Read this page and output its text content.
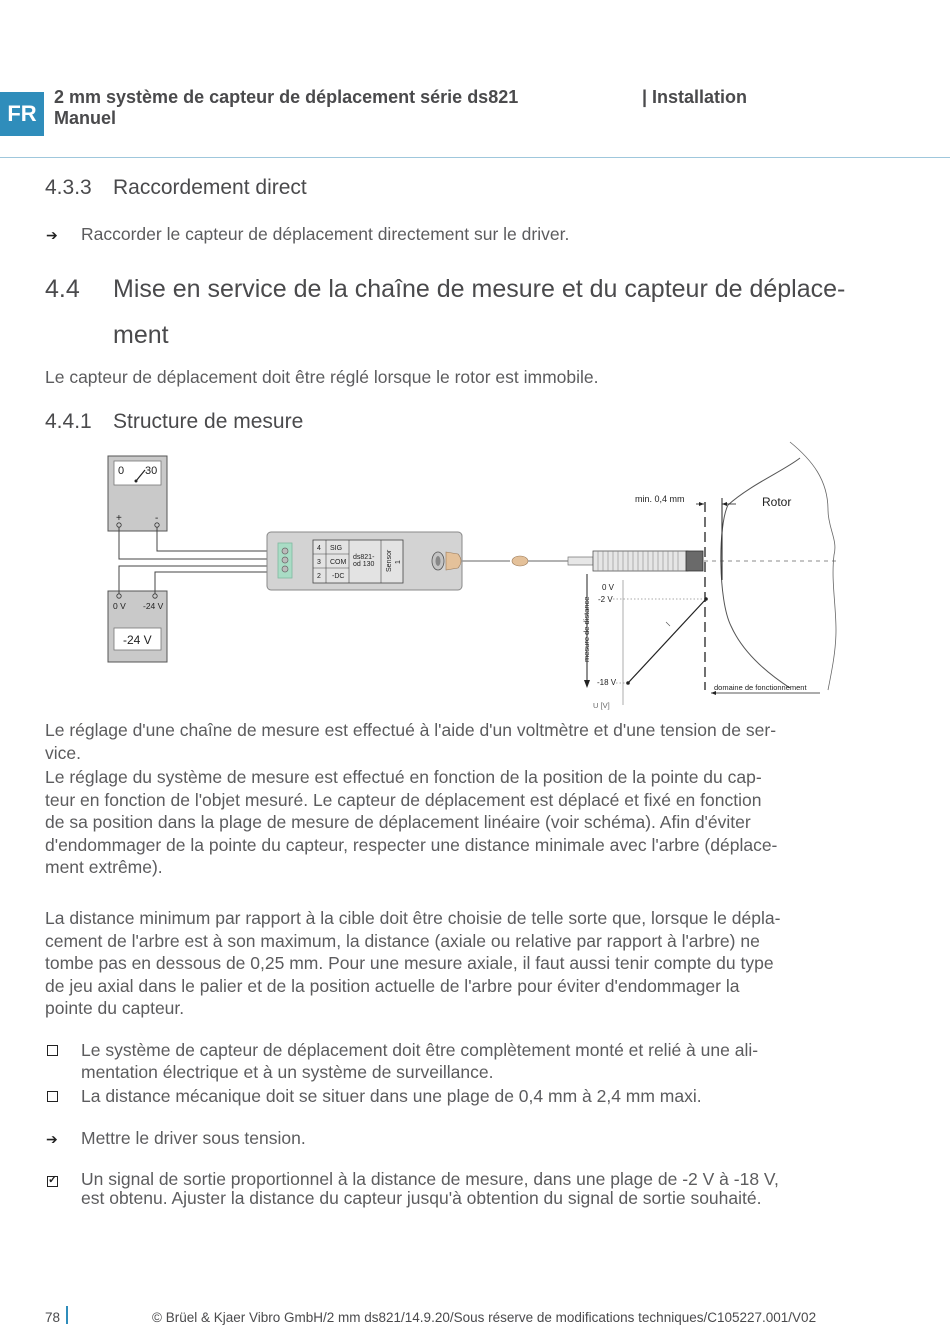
FR
2 mm système de capteur de déplacement série ds821
Manuel
| Installation
4.3.3 Raccordement direct
➔ Raccorder le capteur de déplacement directement sur le driver.
4.4 Mise en service de la chaîne de mesure et du capteur de déplace-
ment
Le capteur de déplacement doit être réglé lorsque le rotor est immobile.
4.4.1 Structure de mesure
0 30
+	-
0 V -24 V
-24 V
4
3
2
SIG
COM
-DC
ds821-
od 130 Sensor 1
Rotor
min. 0,4 mm
mesure de distance
0 V
-2 V
-18 V
U [V]
domaine de fonctionnement
Le réglage d'une chaîne de mesure est effectué à l'aide d'un voltmètre et d'une tension de ser-
vice.
Le réglage du système de mesure est effectué en fonction de la position de la pointe du cap-
teur en fonction de l'objet mesuré. Le capteur de déplacement est déplacé et fixé en fonction
de sa position dans la plage de mesure de déplacement linéaire (voir schéma). Afin d'éviter
d'endommager de la pointe du capteur, respecter une distance minimale avec l'arbre (déplace-
ment extrême).
La distance minimum par rapport à la cible doit être choisie de telle sorte que, lorsque le dépla-
cement de l'arbre est à son maximum, la distance (axiale ou relative par rapport à l'arbre) ne
tombe pas en dessous de 0,25 mm. Pour une mesure axiale, il faut aussi tenir compte du type
de jeu axial dans le palier et de la position actuelle de l'arbre pour éviter d'endommager la
pointe du capteur.
Le système de capteur de déplacement doit être complètement monté et relié à une ali-
mentation électrique et à un système de surveillance.
La distance mécanique doit se situer dans une plage de 0,4 mm à 2,4 mm maxi.
➔ Mettre le driver sous tension.
✓
Un signal de sortie proportionnel à la distance de mesure, dans une plage de -2 V à -18 V,
est obtenu. Ajuster la distance du capteur jusqu'à obtention du signal de sortie souhaité.
78	© Brüel & Kjaer Vibro GmbH/2 mm ds821/14.9.20/Sous réserve de modifications techniques/C105227.001/V02
